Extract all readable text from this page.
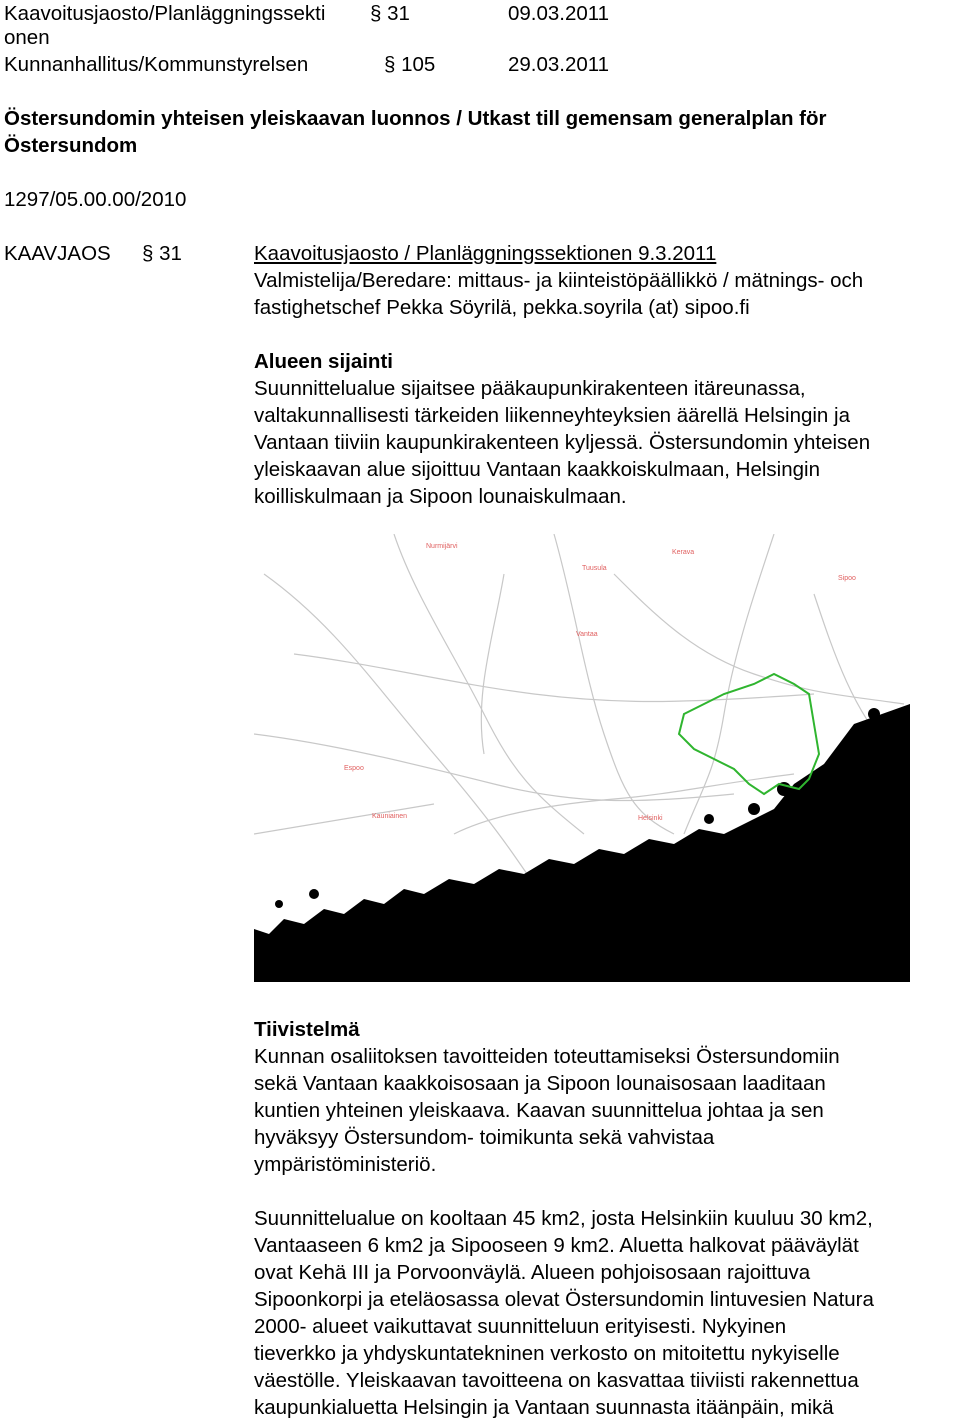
Kaavoitusjaosto/Planläggningssekti
onen
§ 31	09.03.2011
Kunnanhallitus/Kommunstyrelsen	§ 105	29.03.2011
Östersundomin yhteisen yleiskaavan luonnos / Utkast till gemensam generalplan för
Östersundom
1297/05.00.00/2010
KAAVJAOS § 31	Kaavoitusjaosto / Planläggningssektionen 9.3.2011
Valmistelija/Beredare: mittaus- ja kiinteistöpäällikkö / mätnings- och
fastighetschef Pekka Söyrilä, pekka.soyrila (at) sipoo.fi
Alueen sijainti
Suunnittelualue sijaitsee pääkaupunkirakenteen itäreunassa,
valtakunnallisesti tärkeiden liikenneyhteyksien äärellä Helsingin ja
Vantaan tiiviin kaupunkirakenteen kyljessä. Östersundomin yhteisen
yleiskaavan alue sijoittuu Vantaan kaakkoiskulmaan, Helsingin
koilliskulmaan ja Sipoon lounaiskulmaan.
Nurmijärvi
Kerava
Tuusula
Sipoo
Vantaa
Espoo
Kauniainen	Helsinki
Tiivistelmä
Kunnan osaliitoksen tavoitteiden toteuttamiseksi Östersundomiin
sekä Vantaan kaakkoisosaan ja Sipoon lounaisosaan laaditaan
kuntien yhteinen yleiskaava. Kaavan suunnittelua johtaa ja sen
hyväksyy Östersundom- toimikunta sekä vahvistaa
ympäristöministeriö.
Suunnittelualue on kooltaan 45 km2, josta Helsinkiin kuuluu 30 km2,
Vantaaseen 6 km2 ja Sipooseen 9 km2. Aluetta halkovat pääväylät
ovat Kehä III ja Porvoonväylä. Alueen pohjoisosaan rajoittuva
Sipoonkorpi ja eteläosassa olevat Östersundomin lintuvesien Natura
2000- alueet vaikuttavat suunnitteluun erityisesti. Nykyinen
tieverkko ja yhdyskuntatekninen verkosto on mitoitettu nykyiselle
väestölle. Yleiskaavan tavoitteena on kasvattaa tiiviisti rakennettua
kaupunkialuetta Helsingin ja Vantaan suunnasta itäänpäin, mikä
